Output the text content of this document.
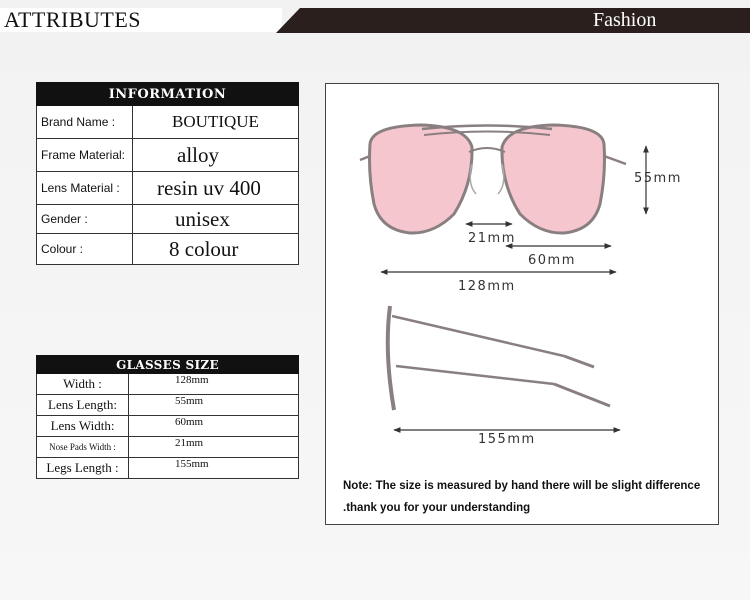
ATTRIBUTES	Fashion
INFORMATION	
Brand Name :	BOUTIQUE
Frame Material:	alloy
Lens Material :	resin uv 400
Gender :	unisex
Colour :	8 colour
GLASSES SIZE	
Width :	128mm
Lens Length:	55mm
Lens Width:	60mm
Nose Pads Width :	21mm
Legs Length :	155mm
55mm
21mm
60mm
128mm
155mm
Note: The size is measured by hand there will be slight difference
.thank you for your understanding
